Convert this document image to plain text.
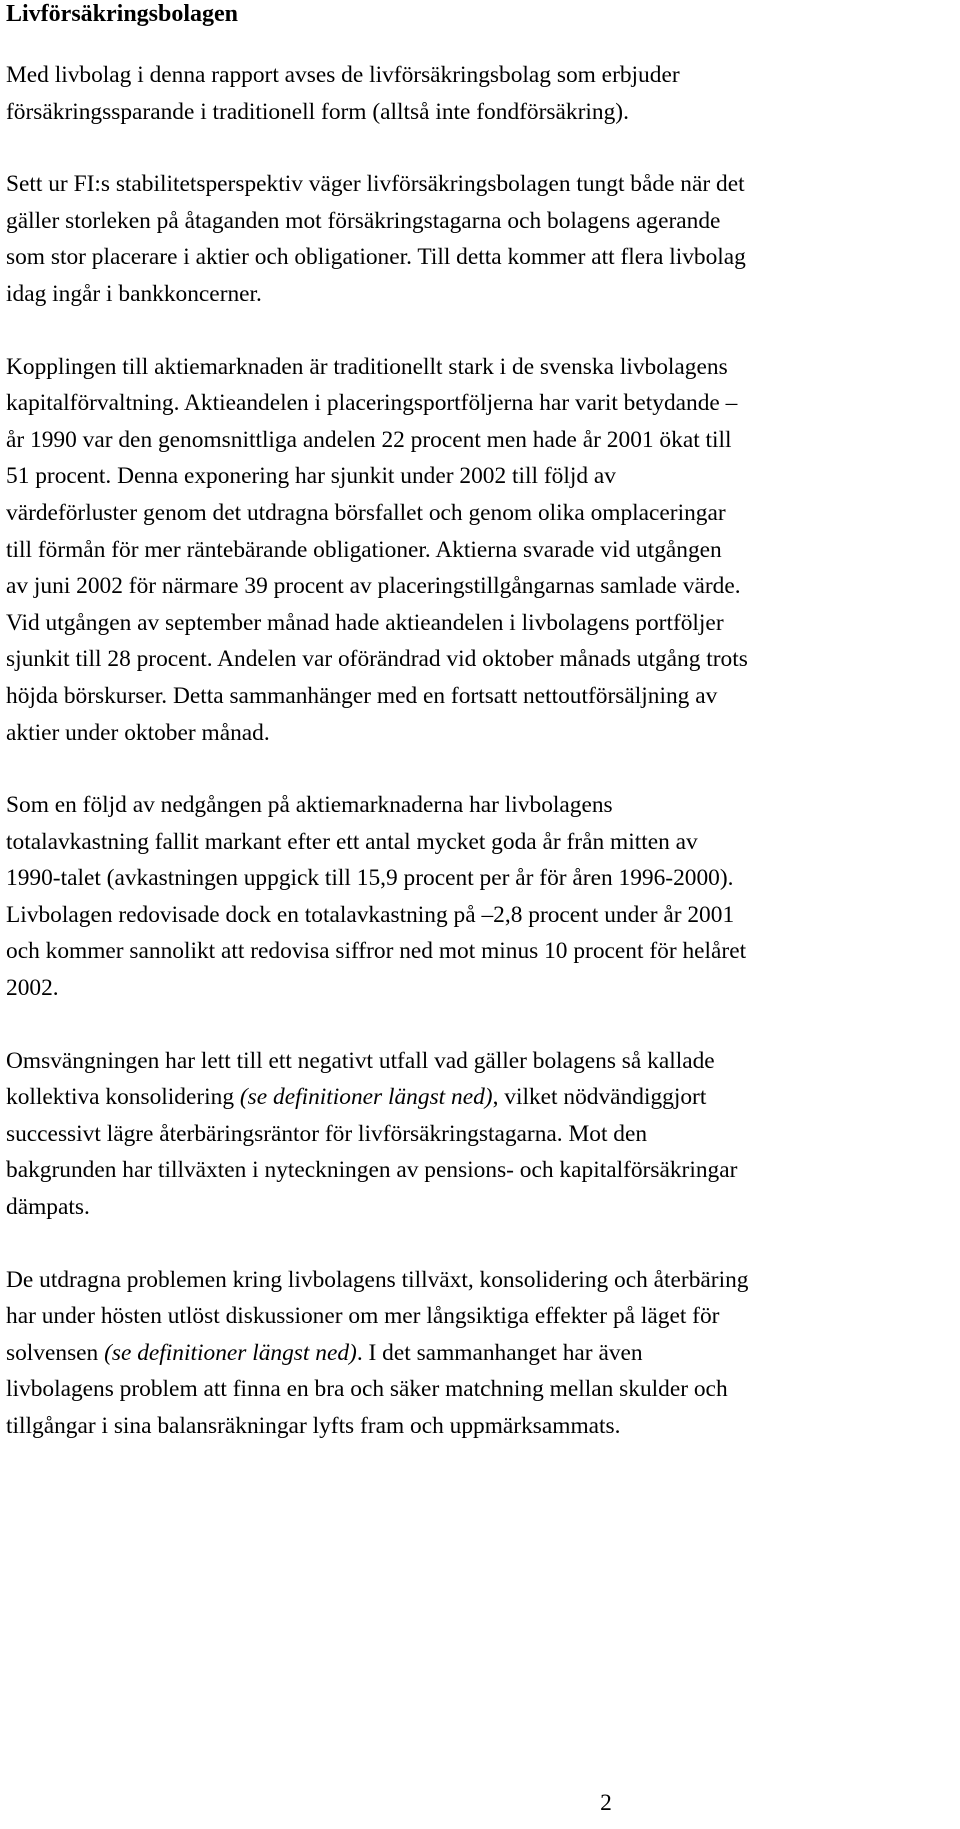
Livförsäkringsbolagen

Med livbolag i denna rapport avses de livförsäkringsbolag som erbjuder
försäkringssparande i traditionell form (alltså inte fondförsäkring).

Sett ur FI:s stabilitetsperspektiv väger livförsäkringsbolagen tungt både när det
gäller storleken på åtaganden mot försäkringstagarna och bolagens agerande
som stor placerare i aktier och obligationer. Till detta kommer att flera livbolag
idag ingår i bankkoncerner.

Kopplingen till aktiemarknaden är traditionellt stark i de svenska livbolagens
kapitalförvaltning. Aktieandelen i placeringsportföljerna har varit betydande –
år 1990 var den genomsnittliga andelen 22 procent men hade år 2001 ökat till
51 procent. Denna exponering har sjunkit under 2002 till följd av
värdeförluster genom det utdragna börsfallet och genom olika omplaceringar
till förmån för mer räntebärande obligationer. Aktierna svarade vid utgången
av juni 2002 för närmare 39 procent av placeringstillgångarnas samlade värde.
Vid utgången av september månad hade aktieandelen i livbolagens portföljer
sjunkit till 28 procent. Andelen var oförändrad vid oktober månads utgång trots
höjda börskurser. Detta sammanhänger med en fortsatt nettoutförsäljning av
aktier under oktober månad.

Som en följd av nedgången på aktiemarknaderna har livbolagens
totalavkastning fallit markant efter ett antal mycket goda år från mitten av
1990-talet (avkastningen uppgick till 15,9 procent per år för åren 1996-2000).
Livbolagen redovisade dock en totalavkastning på –2,8 procent under år 2001
och kommer sannolikt att redovisa siffror ned mot minus 10 procent för helåret
2002.

Omsvängningen har lett till ett negativt utfall vad gäller bolagens så kallade
kollektiva konsolidering (se definitioner längst ned), vilket nödvändiggjort
successivt lägre återbäringsräntor för livförsäkringstagarna. Mot den
bakgrunden har tillväxten i nyteckningen av pensions- och kapitalförsäkringar
dämpats.

De utdragna problemen kring livbolagens tillväxt, konsolidering och återbäring
har under hösten utlöst diskussioner om mer långsiktiga effekter på läget för
solvensen (se definitioner längst ned). I det sammanhanget har även
livbolagens problem att finna en bra och säker matchning mellan skulder och
tillgångar i sina balansräkningar lyfts fram och uppmärksammats.

2
